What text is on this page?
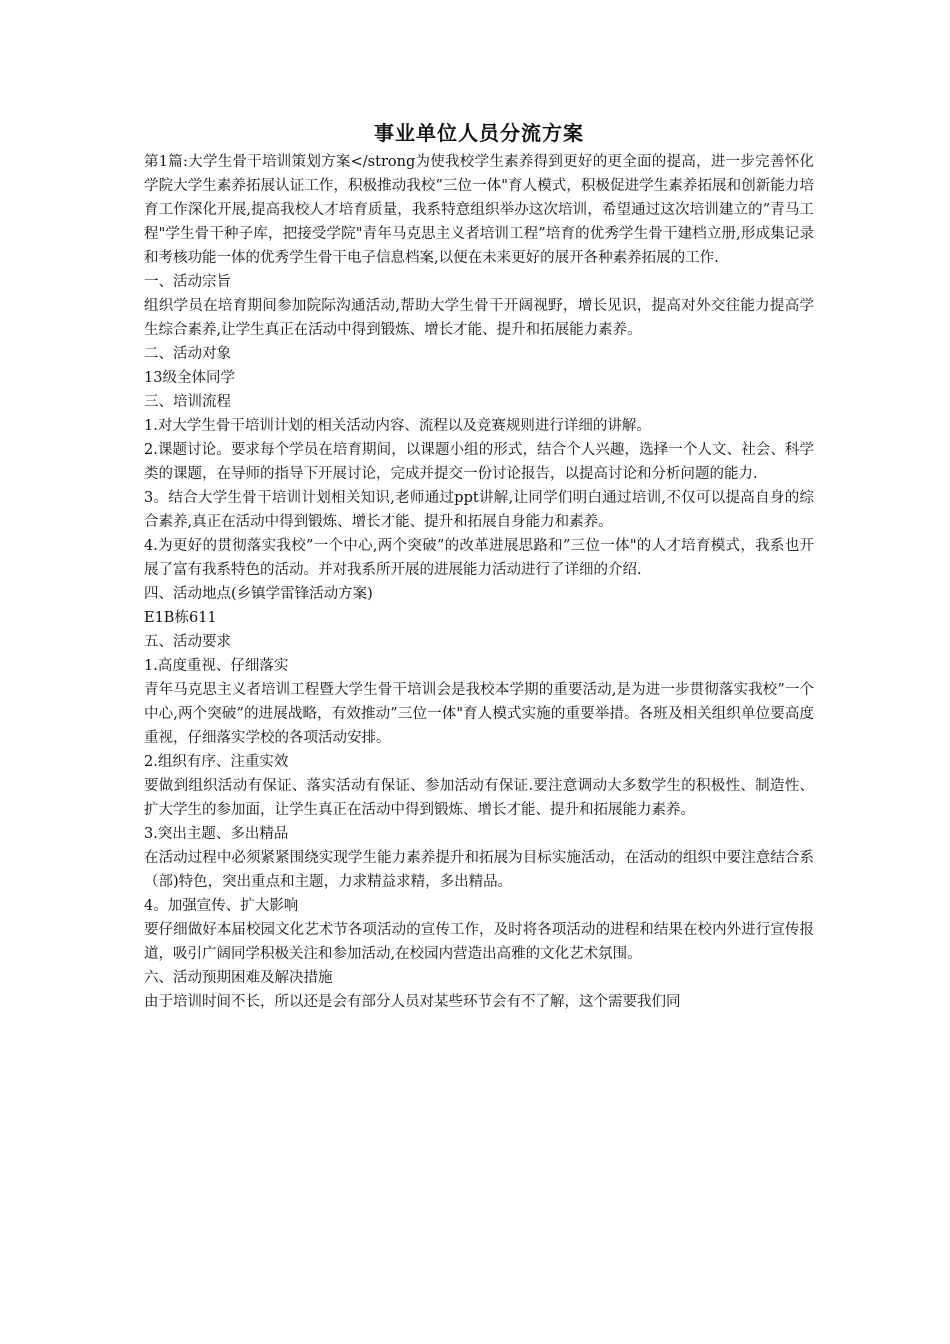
事业单位人员分流方案

第1篇:大学生骨干培训策划方案</strong为使我校学生素养得到更好的更全面的提高，进一步完善怀化学院大学生素养拓展认证工作，积极推动我校”三位一体"育人模式，积极促进学生素养拓展和创新能力培育工作深化开展,提高我校人才培育质量，我系特意组织举办这次培训，希望通过这次培训建立的”青马工程"学生骨干种子库，把接受学院"青年马克思主义者培训工程”培育的优秀学生骨干建档立册,形成集记录和考核功能一体的优秀学生骨干电子信息档案,以便在未来更好的展开各种素养拓展的工作.

一、活动宗旨

组织学员在培育期间参加院际沟通活动,帮助大学生骨干开阔视野，增长见识，提高对外交往能力提高学生综合素养,让学生真正在活动中得到锻炼、增长才能、提升和拓展能力素养。

二、活动对象

13级全体同学

三、培训流程

1.对大学生骨干培训计划的相关活动内容、流程以及竞赛规则进行详细的讲解。

2.课题讨论。要求每个学员在培育期间，以课题小组的形式，结合个人兴趣，选择一个人文、社会、科学类的课题，在导师的指导下开展讨论，完成并提交一份讨论报告，以提高讨论和分析问题的能力.

3。结合大学生骨干培训计划相关知识,老师通过ppt讲解,让同学们明白通过培训,不仅可以提高自身的综合素养,真正在活动中得到锻炼、增长才能、提升和拓展自身能力和素养。

4.为更好的贯彻落实我校”一个中心,两个突破”的改革进展思路和”三位一体"的人才培育模式，我系也开展了富有我系特色的活动。并对我系所开展的进展能力活动进行了详细的介绍.

四、活动地点(乡镇学雷锋活动方案)

E1B栋611

五、活动要求

1.高度重视、仔细落实

青年马克思主义者培训工程暨大学生骨干培训会是我校本学期的重要活动,是为进一步贯彻落实我校”一个中心,两个突破”的进展战略，有效推动”三位一体"育人模式实施的重要举措。各班及相关组织单位要高度重视，仔细落实学校的各项活动安排。

2.组织有序、注重实效

要做到组织活动有保证、落实活动有保证、参加活动有保证.要注意调动大多数学生的积极性、制造性、扩大学生的参加面，让学生真正在活动中得到锻炼、增长才能、提升和拓展能力素养。

3.突出主题、多出精品

在活动过程中必须紧紧围绕实现学生能力素养提升和拓展为目标实施活动，在活动的组织中要注意结合系（部)特色，突出重点和主题，力求精益求精，多出精品。

4。加强宣传、扩大影响

要仔细做好本届校园文化艺术节各项活动的宣传工作，及时将各项活动的进程和结果在校内外进行宣传报道，吸引广阔同学积极关注和参加活动,在校园内营造出高雅的文化艺术氛围。

六、活动预期困难及解决措施

由于培训时间不长，所以还是会有部分人员对某些环节会有不了解，这个需要我们同
